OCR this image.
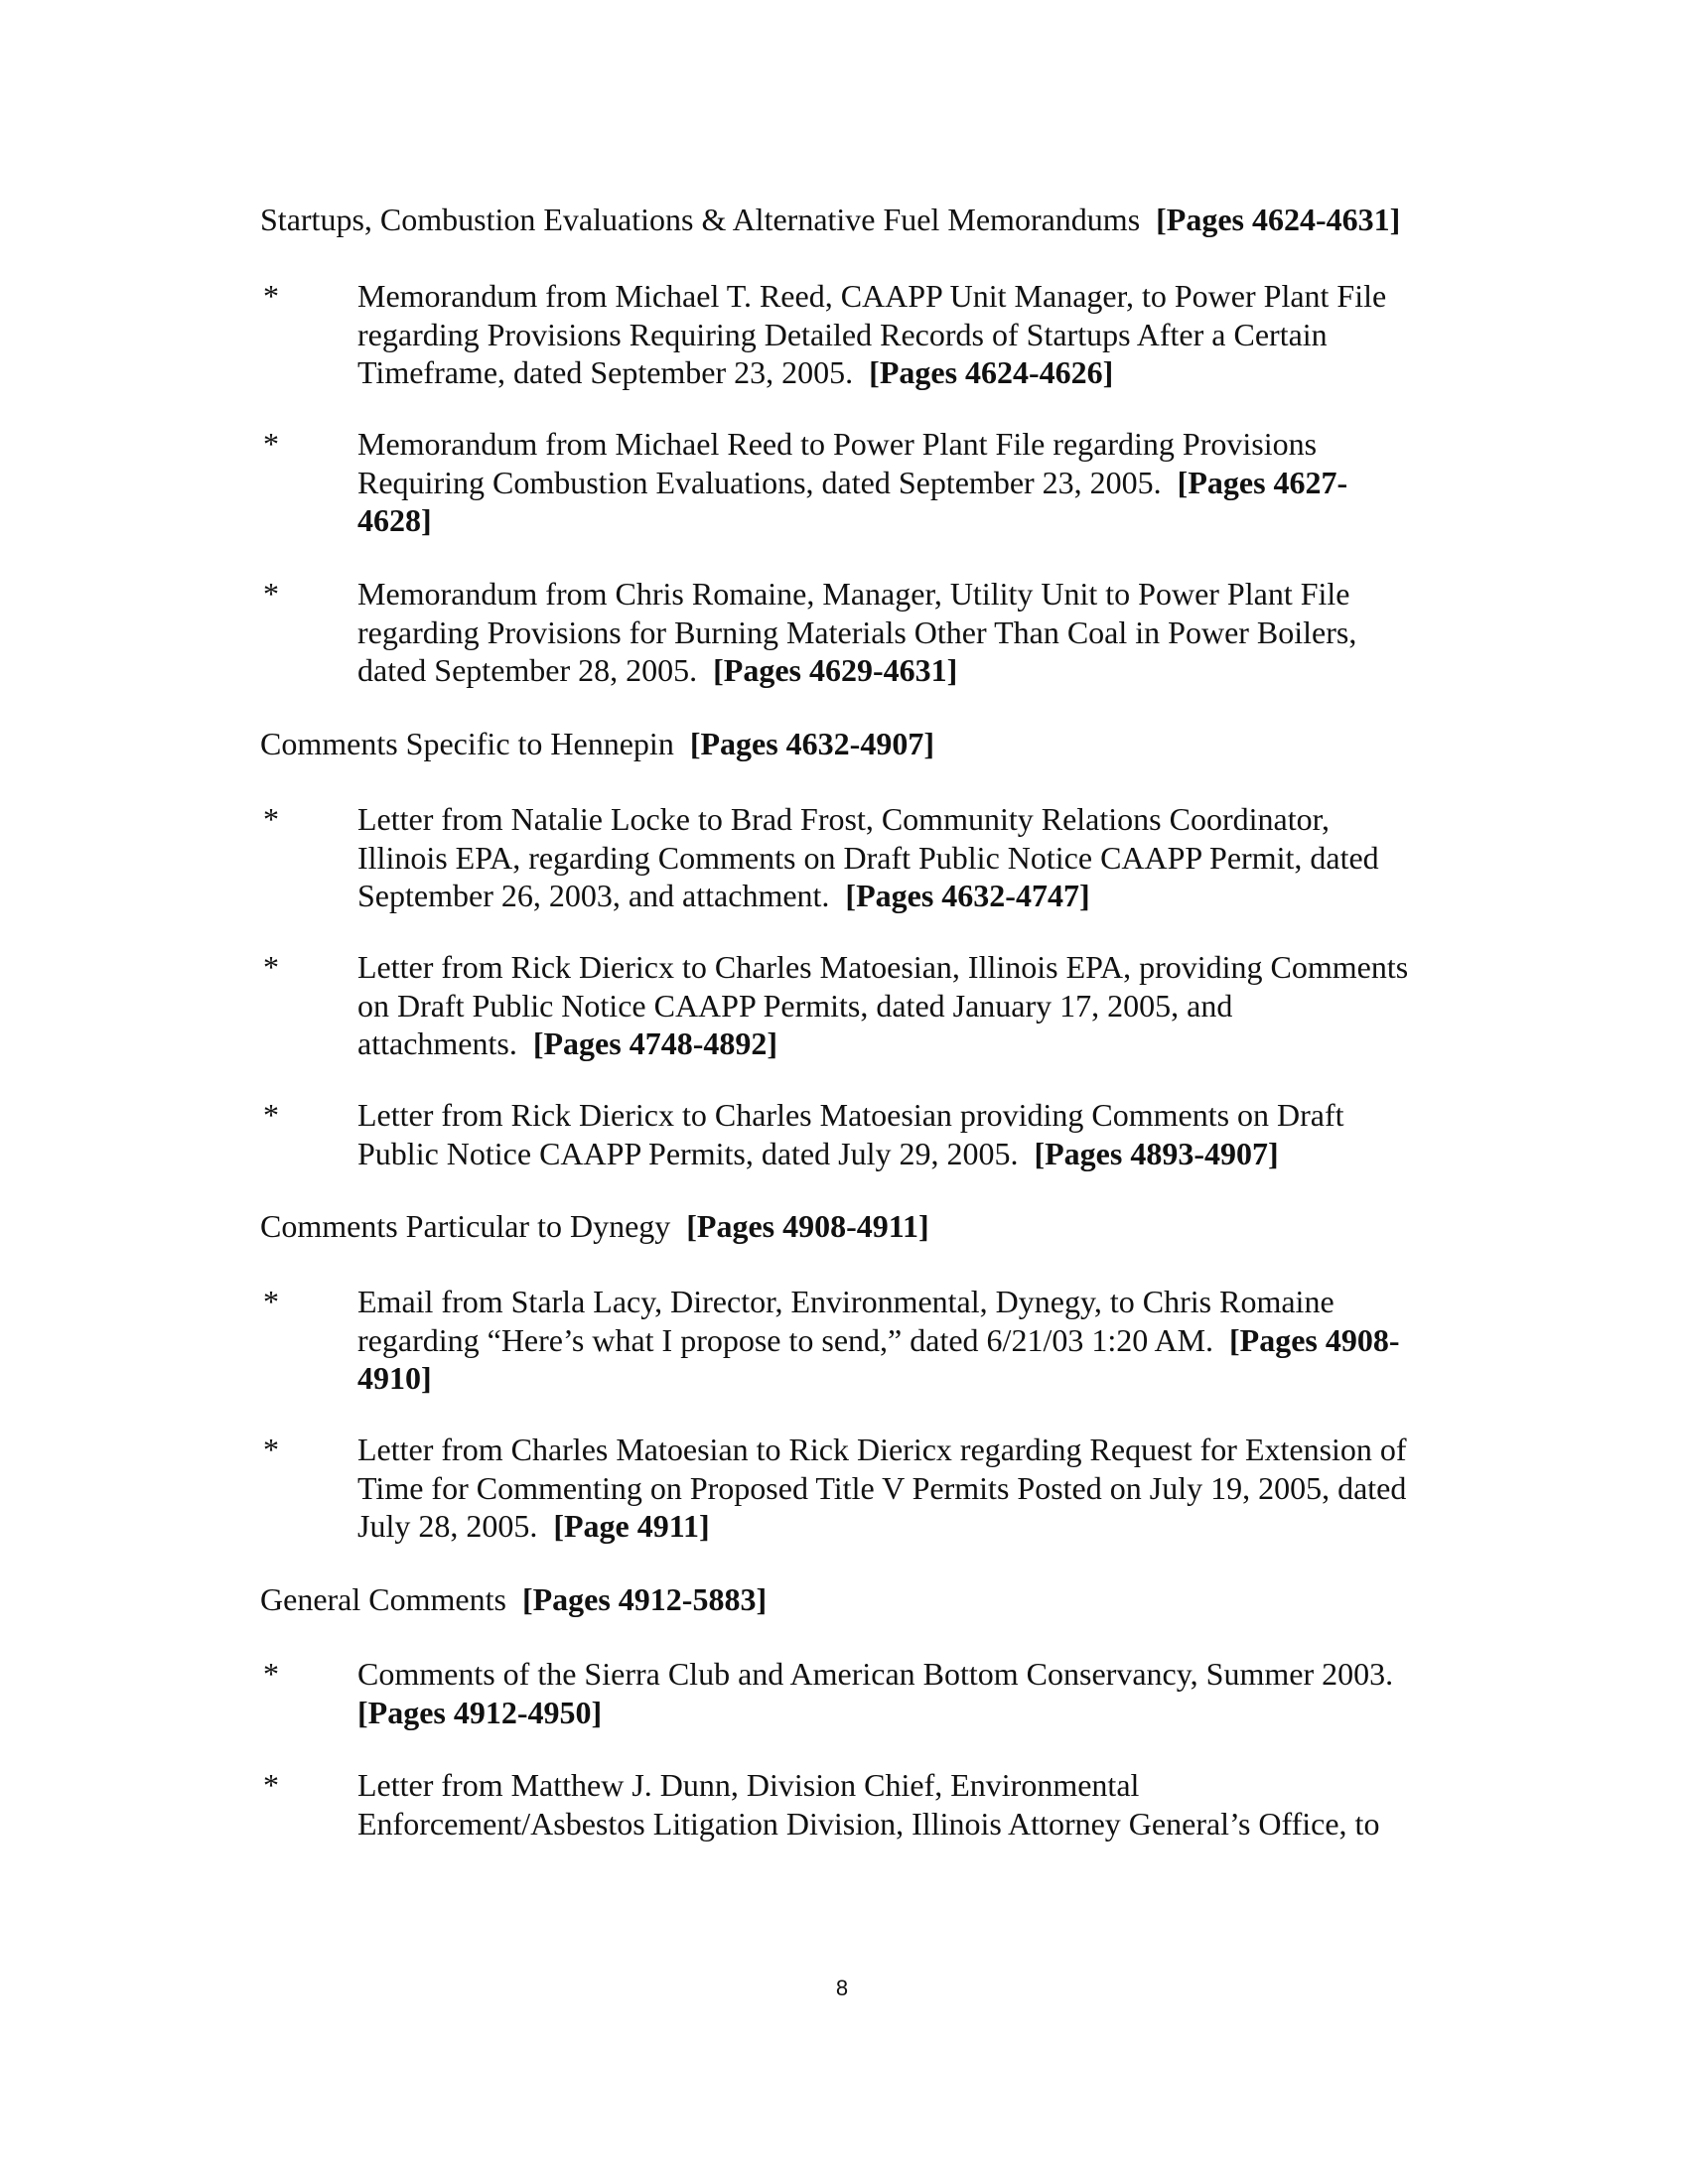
Startups, Combustion Evaluations & Alternative Fuel Memorandums [Pages 4624-4631]
* Memorandum from Michael T. Reed, CAAPP Unit Manager, to Power Plant File regarding Provisions Requiring Detailed Records of Startups After a Certain Timeframe, dated September 23, 2005. [Pages 4624-4626]
* Memorandum from Michael Reed to Power Plant File regarding Provisions Requiring Combustion Evaluations, dated September 23, 2005. [Pages 4627-4628]
* Memorandum from Chris Romaine, Manager, Utility Unit to Power Plant File regarding Provisions for Burning Materials Other Than Coal in Power Boilers, dated September 28, 2005. [Pages 4629-4631]
Comments Specific to Hennepin [Pages 4632-4907]
* Letter from Natalie Locke to Brad Frost, Community Relations Coordinator, Illinois EPA, regarding Comments on Draft Public Notice CAAPP Permit, dated September 26, 2003, and attachment. [Pages 4632-4747]
* Letter from Rick Diericx to Charles Matoesian, Illinois EPA, providing Comments on Draft Public Notice CAAPP Permits, dated January 17, 2005, and attachments. [Pages 4748-4892]
* Letter from Rick Diericx to Charles Matoesian providing Comments on Draft Public Notice CAAPP Permits, dated July 29, 2005. [Pages 4893-4907]
Comments Particular to Dynegy [Pages 4908-4911]
* Email from Starla Lacy, Director, Environmental, Dynegy, to Chris Romaine regarding “Here’s what I propose to send,” dated 6/21/03 1:20 AM. [Pages 4908-4910]
* Letter from Charles Matoesian to Rick Diericx regarding Request for Extension of Time for Commenting on Proposed Title V Permits Posted on July 19, 2005, dated July 28, 2005. [Page 4911]
General Comments [Pages 4912-5883]
* Comments of the Sierra Club and American Bottom Conservancy, Summer 2003. [Pages 4912-4950]
* Letter from Matthew J. Dunn, Division Chief, Environmental Enforcement/Asbestos Litigation Division, Illinois Attorney General’s Office, to
8
